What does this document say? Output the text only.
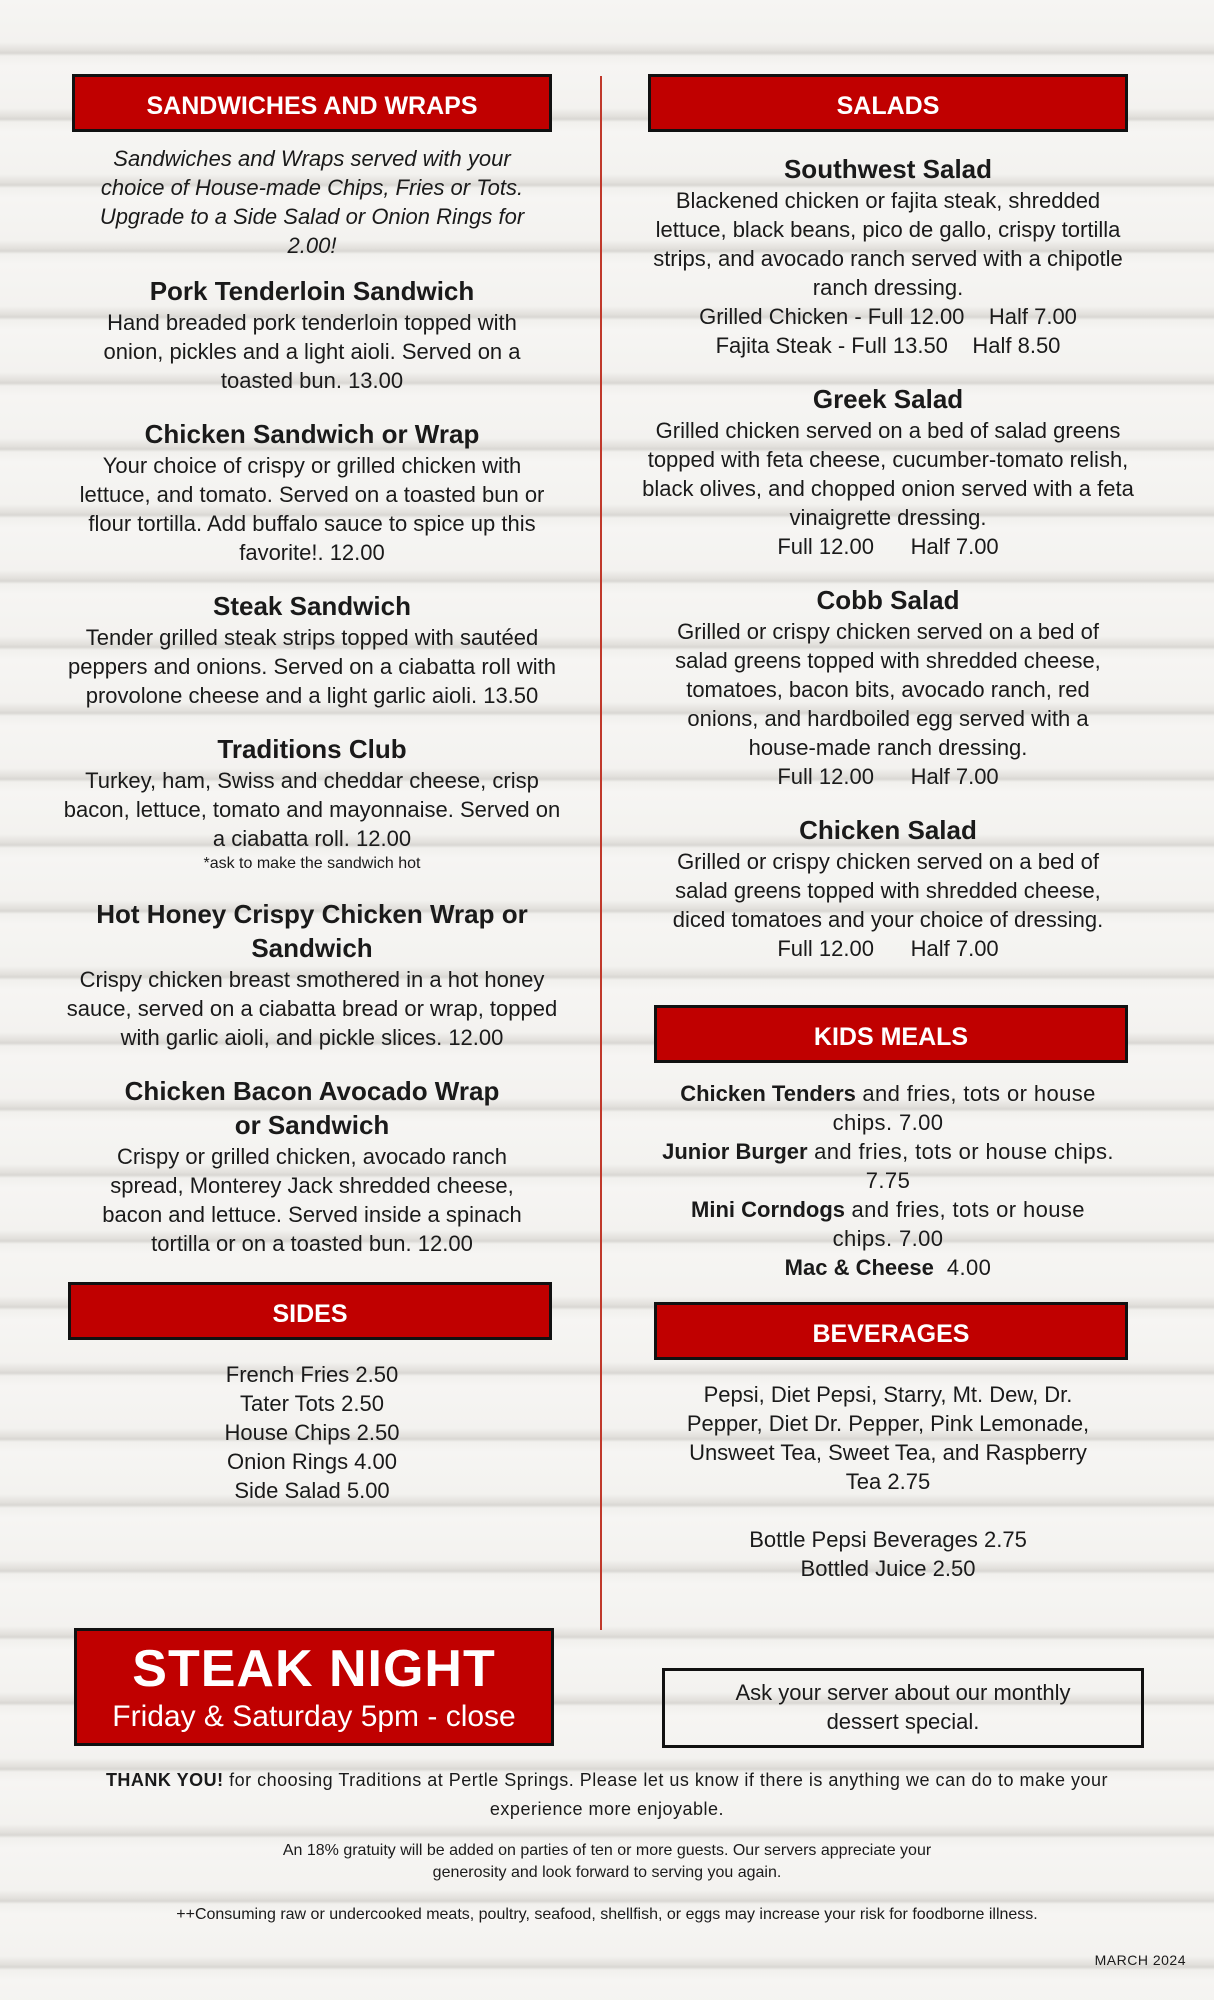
SANDWICHES AND WRAPS
Sandwiches and Wraps served with your choice of House-made Chips, Fries or Tots. Upgrade to a Side Salad or Onion Rings for 2.00!
Pork Tenderloin Sandwich
Hand breaded pork tenderloin topped with onion, pickles and a light aioli. Served on a toasted bun. 13.00
Chicken Sandwich or Wrap
Your choice of crispy or grilled chicken with lettuce, and tomato. Served on a toasted bun or flour tortilla. Add buffalo sauce to spice up this favorite!. 12.00
Steak Sandwich
Tender grilled steak strips topped with sautéed peppers and onions. Served on a ciabatta roll with provolone cheese and a light garlic aioli. 13.50
Traditions Club
Turkey, ham, Swiss and cheddar cheese, crisp bacon, lettuce, tomato and mayonnaise. Served on a ciabatta roll. 12.00
*ask to make the sandwich hot
Hot Honey Crispy Chicken Wrap or Sandwich
Crispy chicken breast smothered in a hot honey sauce, served on a ciabatta bread or wrap, topped with garlic aioli, and pickle slices. 12.00
Chicken Bacon Avocado Wrap or Sandwich
Crispy or grilled chicken, avocado ranch spread, Monterey Jack shredded cheese, bacon and lettuce. Served inside a spinach tortilla or on a toasted bun. 12.00
SIDES
French Fries 2.50
Tater Tots 2.50
House Chips 2.50
Onion Rings 4.00
Side Salad 5.00
SALADS
Southwest Salad
Blackened chicken or fajita steak, shredded lettuce, black beans, pico de gallo, crispy tortilla strips, and avocado ranch served with a chipotle ranch dressing.
Grilled Chicken - Full 12.00    Half 7.00
Fajita Steak - Full 13.50    Half 8.50
Greek Salad
Grilled chicken served on a bed of salad greens topped with feta cheese, cucumber-tomato relish, black olives, and chopped onion served with a feta vinaigrette dressing.
Full 12.00      Half 7.00
Cobb Salad
Grilled or crispy chicken served on a bed of salad greens topped with shredded cheese, tomatoes, bacon bits, avocado ranch, red onions, and hardboiled egg served with a house-made ranch dressing.
Full 12.00      Half 7.00
Chicken Salad
Grilled or crispy chicken served on a bed of salad greens topped with shredded cheese, diced tomatoes and your choice of dressing.
Full 12.00      Half 7.00
KIDS MEALS
Chicken Tenders and fries, tots or house chips. 7.00
Junior Burger and fries, tots or house chips. 7.75
Mini Corndogs and fries, tots or house chips. 7.00
Mac & Cheese  4.00
BEVERAGES
Pepsi, Diet Pepsi, Starry, Mt. Dew, Dr. Pepper, Diet Dr. Pepper, Pink Lemonade, Unsweet Tea, Sweet Tea, and Raspberry Tea 2.75
Bottle Pepsi Beverages 2.75
Bottled Juice 2.50
STEAK NIGHT
Friday & Saturday 5pm - close
Ask your server about our monthly dessert special.
THANK YOU! for choosing Traditions at Pertle Springs. Please let us know if there is anything we can do to make your experience more enjoyable.
An 18% gratuity will be added on parties of ten or more guests. Our servers appreciate your generosity and look forward to serving you again.
++Consuming raw or undercooked meats, poultry, seafood, shellfish, or eggs may increase your risk for foodborne illness.
MARCH 2024
